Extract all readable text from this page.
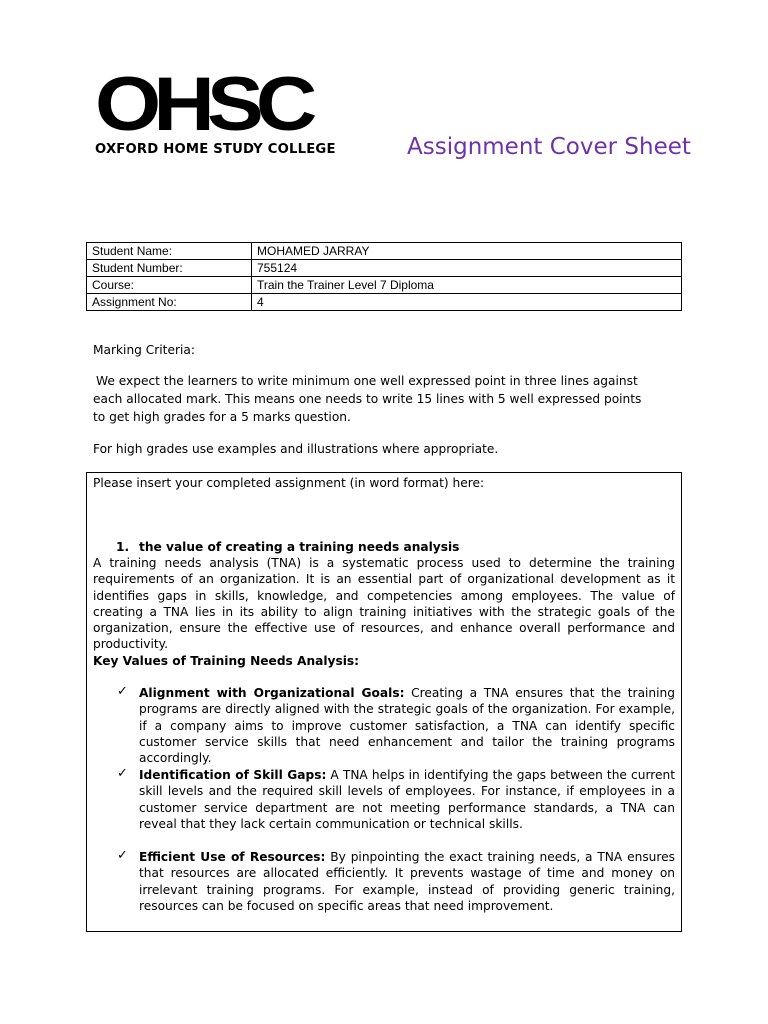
OHSC
OXFORD HOME STUDY COLLEGE	Assignment Cover Sheet
Student Name:	MOHAMED JARRAY
Student Number:	755124
Course:	Train the Trainer Level 7 Diploma
Assignment No:	4
Marking Criteria:
We expect the learners to write minimum one well expressed point in three lines against each allocated mark. This means one needs to write 15 lines with 5 well expressed points to get high grades for a 5 marks question.
For high grades use examples and illustrations where appropriate.
Please insert your completed assignment (in word format) here:
1. the value of creating a training needs analysis
A training needs analysis (TNA) is a systematic process used to determine the training requirements of an organization. It is an essential part of organizational development as it identifies gaps in skills, knowledge, and competencies among employees. The value of creating a TNA lies in its ability to align training initiatives with the strategic goals of the organization, ensure the effective use of resources, and enhance overall performance and productivity.
Key Values of Training Needs Analysis:
✓ Alignment with Organizational Goals: Creating a TNA ensures that the training programs are directly aligned with the strategic goals of the organization. For example, if a company aims to improve customer satisfaction, a TNA can identify specific customer service skills that need enhancement and tailor the training programs accordingly.
✓ Identification of Skill Gaps: A TNA helps in identifying the gaps between the current skill levels and the required skill levels of employees. For instance, if employees in a customer service department are not meeting performance standards, a TNA can reveal that they lack certain communication or technical skills.
✓ Efficient Use of Resources: By pinpointing the exact training needs, a TNA ensures that resources are allocated efficiently. It prevents wastage of time and money on irrelevant training programs. For example, instead of providing generic training, resources can be focused on specific areas that need improvement.
